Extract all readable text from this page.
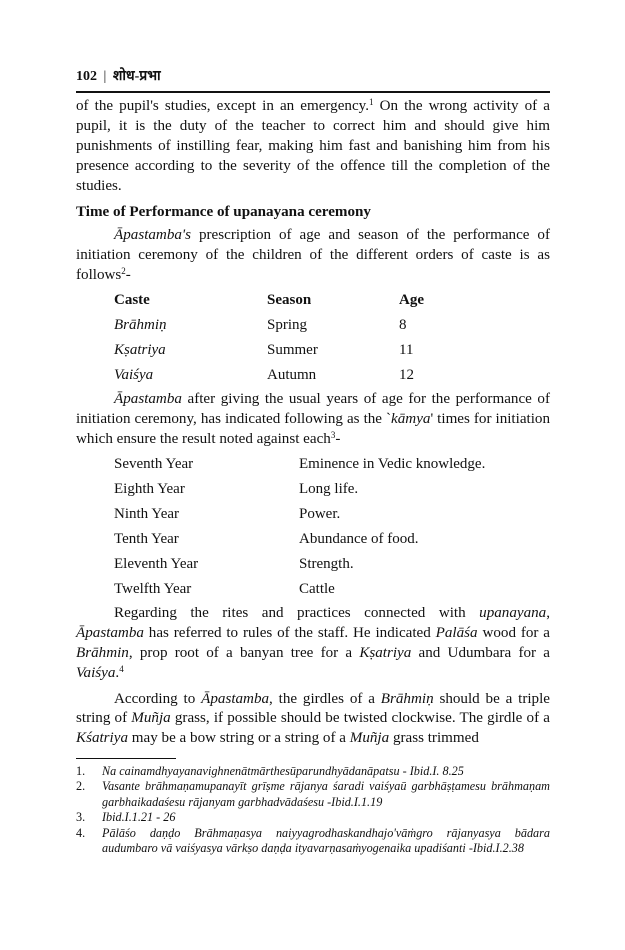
102 | शोध-प्रभा

of the pupil's studies, except in an emergency.$^1$ On the wrong activity of a pupil, it is the duty of the teacher to correct him and should give him punishments of instilling fear, making him fast and banishing him from his presence according to the severity of the offence till the completion of the studies.

Time of Performance of upanayana ceremony

Āpastamba's prescription of age and season of the performance of initiation ceremony of the children of the different orders of caste is as follows$^2$-

Caste	Season	Age
Brāhmiṇ	Spring	8
Kṣatriya	Summer	11
Vaiśya	Autumn	12

Āpastamba after giving the usual years of age for the performance of initiation ceremony, has indicated following as the `kāmya' times for initiation which ensure the result noted against each$^3$-

Seventh Year	Eminence in Vedic knowledge.
Eighth Year	Long life.
Ninth Year	Power.
Tenth Year	Abundance of food.
Eleventh Year	Strength.
Twelfth Year	Cattle

Regarding the rites and practices connected with upanayana, Āpastamba has referred to rules of the staff. He indicated Palāśa wood for a Brāhmin, prop root of a banyan tree for a Kṣatriya and Udumbara for a Vaiśya.$^4$

According to Āpastamba, the girdles of a Brāhmiṇ should be a triple string of Muñja grass, if possible should be twisted clockwise. The girdle of a Kśatriya may be a bow string or a string of a Muñja grass trimmed

1.	Na cainamdhyayanavighnenātmārthesūparundhyādanāpatsu - Ibid.I. 8.25
2.	Vasante brāhmaṇamupanayīt grīṣme rājanya śaradi vaiśyaū garbhāṣṭamesu brāhmaṇam garbhaikadaśesu rājanyam garbhadvādaśesu -Ibid.I.1.19
3.	Ibid.I.1.21 - 26
4.	Pālāśo daṇḍo Brāhmaṇasya naiyyagrodhaskandhajo'vāṁgro rājanyasya bādara audumbaro vā vaiśyasya vārkṣo daṇḍa ityavarṇasaṁyogenaika upadiśanti -Ibid.I.2.38
